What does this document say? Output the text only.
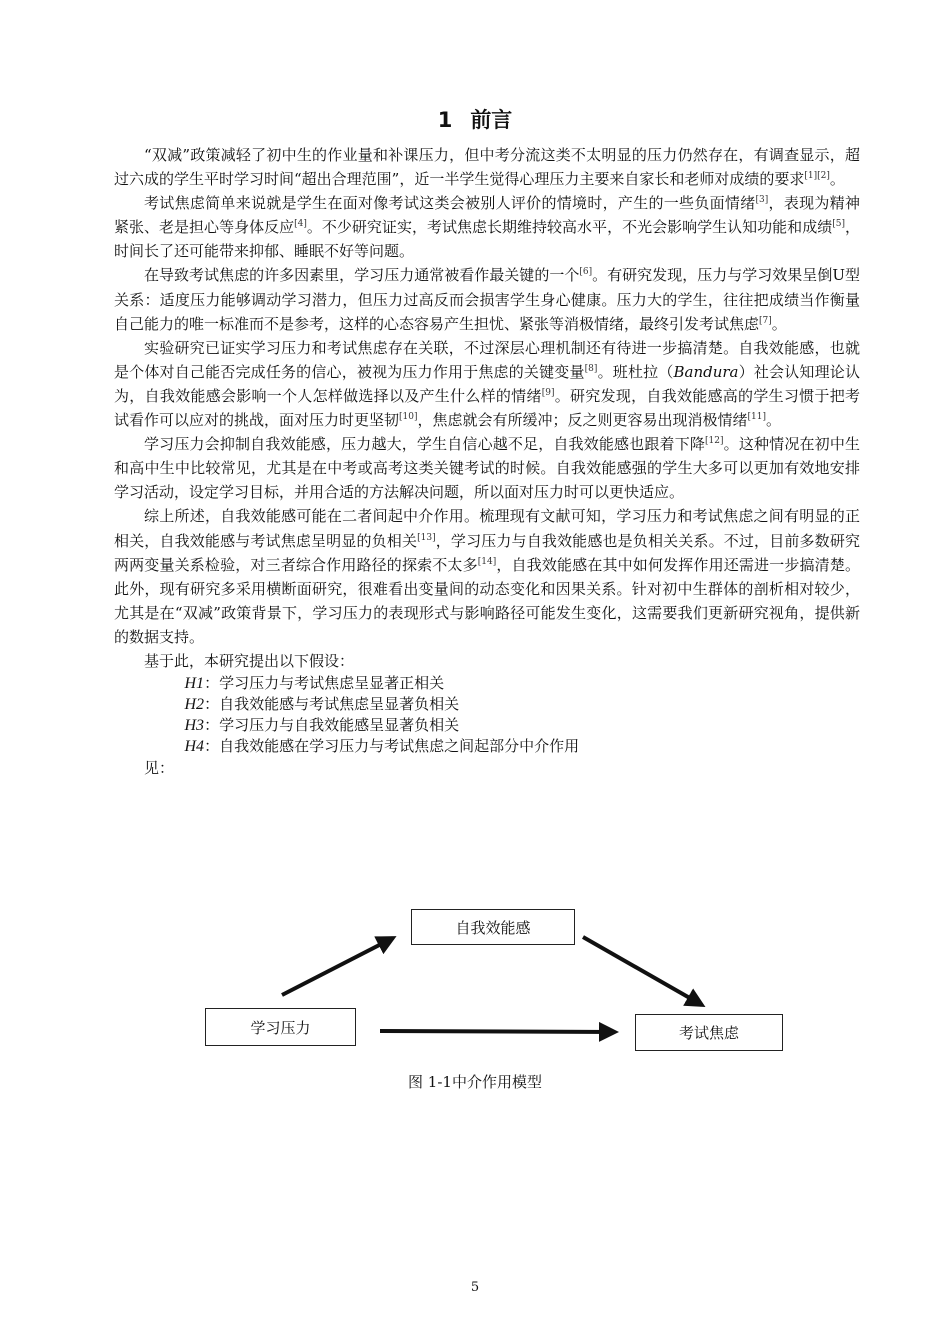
1 前言

“双减”政策减轻了初中生的作业量和补课压力，但中考分流这类不太明显的压力仍然存在，有调查显示，超过六成的学生平时学习时间“超出合理范围”，近一半学生觉得心理压力主要来自家长和老师对成绩的要求[1][2]。

考试焦虑简单来说就是学生在面对像考试这类会被别人评价的情境时，产生的一些负面情绪[3]，表现为精神紧张、老是担心等身体反应[4]。不少研究证实，考试焦虑长期维持较高水平，不光会影响学生认知功能和成绩[5]，时间长了还可能带来抑郁、睡眠不好等问题。

在导致考试焦虑的许多因素里，学习压力通常被看作最关键的一个[6]。有研究发现，压力与学习效果呈倒U型关系：适度压力能够调动学习潜力，但压力过高反而会损害学生身心健康。压力大的学生，往往把成绩当作衡量自己能力的唯一标准而不是参考，这样的心态容易产生担忧、紧张等消极情绪，最终引发考试焦虑[7]。

实验研究已证实学习压力和考试焦虑存在关联，不过深层心理机制还有待进一步搞清楚。自我效能感，也就是个体对自己能否完成任务的信心，被视为压力作用于焦虑的关键变量[8]。班杜拉（Bandura）社会认知理论认为，自我效能感会影响一个人怎样做选择以及产生什么样的情绪[9]。研究发现，自我效能感高的学生习惯于把考试看作可以应对的挑战，面对压力时更坚韧[10]，焦虑就会有所缓冲；反之则更容易出现消极情绪[11]。

学习压力会抑制自我效能感，压力越大，学生自信心越不足，自我效能感也跟着下降[12]。这种情况在初中生和高中生中比较常见，尤其是在中考或高考这类关键考试的时候。自我效能感强的学生大多可以更加有效地安排学习活动，设定学习目标，并用合适的方法解决问题，所以面对压力时可以更快适应。

综上所述，自我效能感可能在二者间起中介作用。梳理现有文献可知，学习压力和考试焦虑之间有明显的正相关，自我效能感与考试焦虑呈明显的负相关[13]，学习压力与自我效能感也是负相关关系。不过，目前多数研究两两变量关系检验，对三者综合作用路径的探索不太多[14]，自我效能感在其中如何发挥作用还需进一步搞清楚。此外，现有研究多采用横断面研究，很难看出变量间的动态变化和因果关系。针对初中生群体的剖析相对较少，尤其是在“双减”政策背景下，学习压力的表现形式与影响路径可能发生变化，这需要我们更新研究视角，提供新的数据支持。

基于此，本研究提出以下假设：

H1：学习压力与考试焦虑呈显著正相关

H2：自我效能感与考试焦虑呈显著负相关

H3：学习压力与自我效能感呈显著负相关

H4：自我效能感在学习压力与考试焦虑之间起部分中介作用

见：

自我效能感
学习压力	考试焦虑
图 1-1中介作用模型
5
